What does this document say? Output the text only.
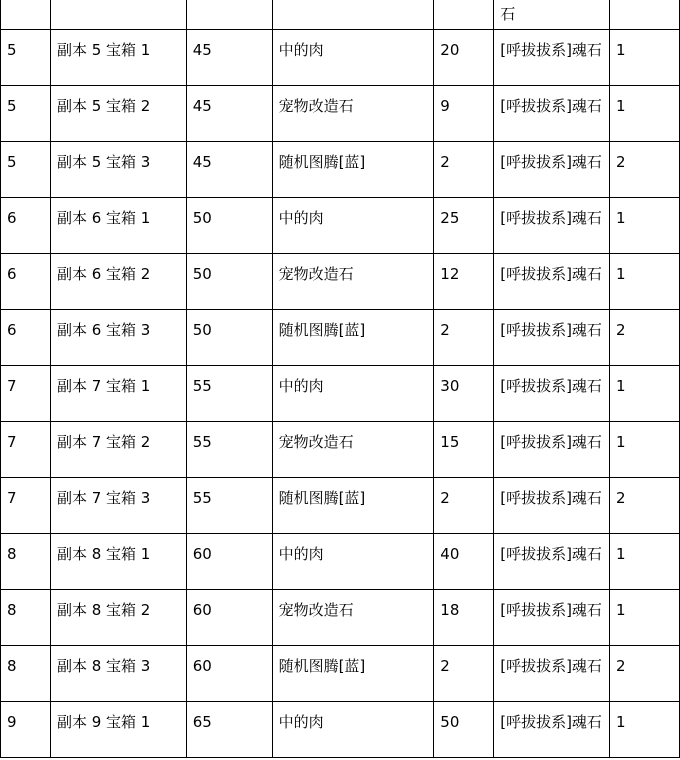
					石	
5	副本 5 宝箱 1	45	中的肉	20	[呼拔拔系]魂石	1
5	副本 5 宝箱 2	45	宠物改造石	9	[呼拔拔系]魂石	1
5	副本 5 宝箱 3	45	随机图腾[蓝]	2	[呼拔拔系]魂石	2
6	副本 6 宝箱 1	50	中的肉	25	[呼拔拔系]魂石	1
6	副本 6 宝箱 2	50	宠物改造石	12	[呼拔拔系]魂石	1
6	副本 6 宝箱 3	50	随机图腾[蓝]	2	[呼拔拔系]魂石	2
7	副本 7 宝箱 1	55	中的肉	30	[呼拔拔系]魂石	1
7	副本 7 宝箱 2	55	宠物改造石	15	[呼拔拔系]魂石	1
7	副本 7 宝箱 3	55	随机图腾[蓝]	2	[呼拔拔系]魂石	2
8	副本 8 宝箱 1	60	中的肉	40	[呼拔拔系]魂石	1
8	副本 8 宝箱 2	60	宠物改造石	18	[呼拔拔系]魂石	1
8	副本 8 宝箱 3	60	随机图腾[蓝]	2	[呼拔拔系]魂石	2
9	副本 9 宝箱 1	65	中的肉	50	[呼拔拔系]魂石	1
